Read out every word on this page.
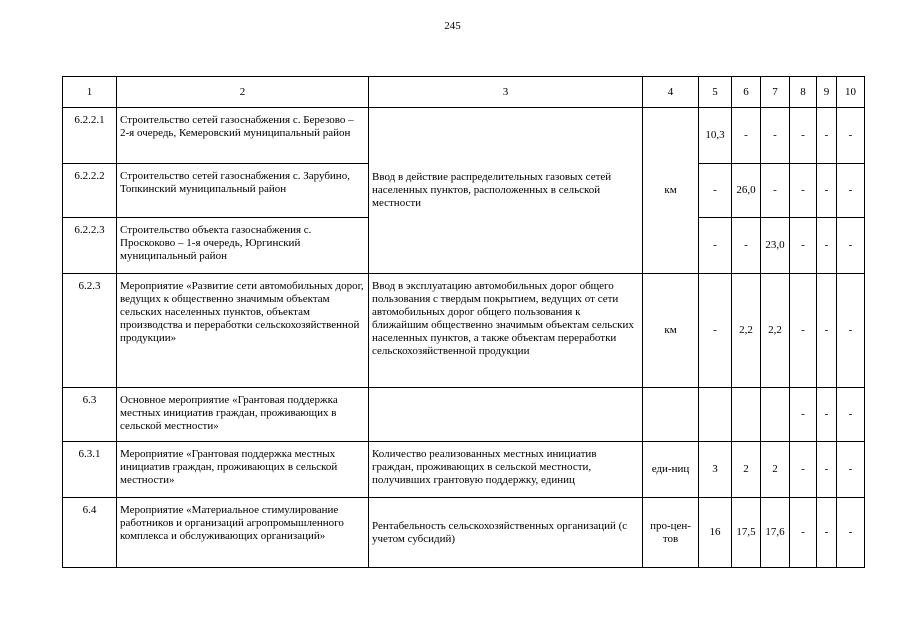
245
1	2	3	4	5	6	7	8	9	10
6.2.2.1	Строительство сетей газоснабжения с. Березово – 2-я очередь, Кемеровский муниципальный район	Ввод в действие распределительных газовых сетей населенных пунктов, расположенных в сельской местности	км	10,3	-	-	-	-	-
6.2.2.2	Строительство сетей газоснабжения с. Зарубино, Топкинский муниципальный район			-	26,0	-	-	-	-
6.2.2.3	Строительство объекта газоснабжения с. Проскоково – 1-я очередь, Юргинский муниципальный район			-	-	23,0	-	-	-
6.2.3	Мероприятие «Развитие сети автомобильных дорог, ведущих к общественно значимым объектам сельских населенных пунктов, объектам производства и переработки сельскохозяйственной продукции»	Ввод в эксплуатацию автомобильных дорог общего пользования с твердым покрытием, ведущих от сети автомобильных дорог общего пользования к ближайшим общественно значимым объектам сельских населенных пунктов, а также объектам переработки сельскохозяйственной продукции	км	-	2,2	2,2	-	-	-
6.3	Основное мероприятие «Грантовая поддержка местных инициатив граждан, проживающих в сельской местности»						-	-	-
6.3.1	Мероприятие «Грантовая поддержка местных инициатив граждан, проживающих в сельской местности»	Количество реализованных местных инициатив граждан, проживающих в сельской местности, получивших грантовую поддержку, единиц	еди-ниц	3	2	2	-	-	-
6.4	Мероприятие «Материальное стимулирование работников и организаций агропромышленного комплекса и обслуживающих организаций»	Рентабельность сельскохозяйственных организаций (с учетом субсидий)	про-цен-тов	16	17,5	17,6	-	-	-
